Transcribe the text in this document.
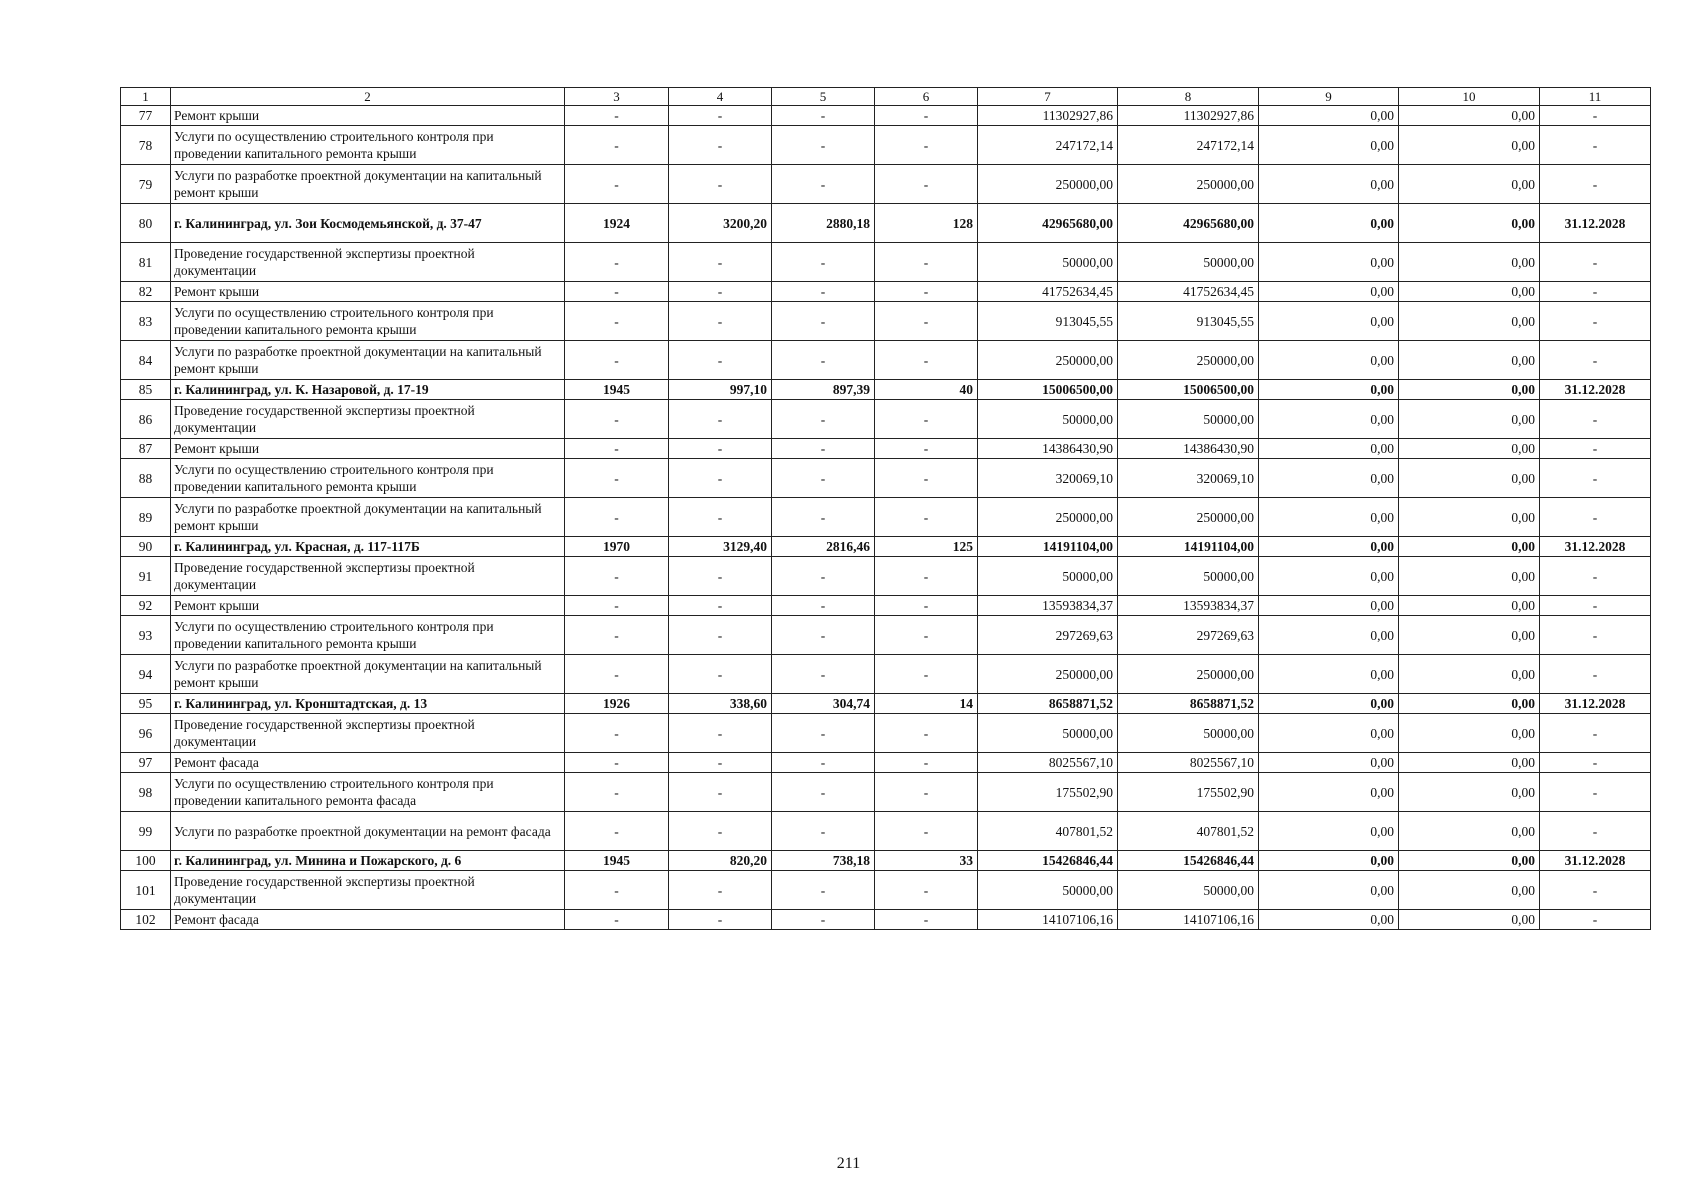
1	2	3	4	5	6	7	8	9	10	11
77	Ремонт крыши	-	-	-	-	11302927,86	11302927,86	0,00	0,00	-
78	Услуги по осуществлению строительного контроля при проведении капитального ремонта крыши	-	-	-	-	247172,14	247172,14	0,00	0,00	-
79	Услуги по разработке проектной документации на капитальный ремонт крыши	-	-	-	-	250000,00	250000,00	0,00	0,00	-
80	г. Калининград, ул. Зои Космодемьянской, д. 37-47	1924	3200,20	2880,18	128	42965680,00	42965680,00	0,00	0,00	31.12.2028
81	Проведение государственной экспертизы проектной документации	-	-	-	-	50000,00	50000,00	0,00	0,00	-
82	Ремонт крыши	-	-	-	-	41752634,45	41752634,45	0,00	0,00	-
83	Услуги по осуществлению строительного контроля при проведении капитального ремонта крыши	-	-	-	-	913045,55	913045,55	0,00	0,00	-
84	Услуги по разработке проектной документации на капитальный ремонт крыши	-	-	-	-	250000,00	250000,00	0,00	0,00	-
85	г. Калининград, ул. К. Назаровой, д. 17-19	1945	997,10	897,39	40	15006500,00	15006500,00	0,00	0,00	31.12.2028
86	Проведение государственной экспертизы проектной документации	-	-	-	-	50000,00	50000,00	0,00	0,00	-
87	Ремонт крыши	-	-	-	-	14386430,90	14386430,90	0,00	0,00	-
88	Услуги по осуществлению строительного контроля при проведении капитального ремонта крыши	-	-	-	-	320069,10	320069,10	0,00	0,00	-
89	Услуги по разработке проектной документации на капитальный ремонт крыши	-	-	-	-	250000,00	250000,00	0,00	0,00	-
90	г. Калининград, ул. Красная, д. 117-117Б	1970	3129,40	2816,46	125	14191104,00	14191104,00	0,00	0,00	31.12.2028
91	Проведение государственной экспертизы проектной документации	-	-	-	-	50000,00	50000,00	0,00	0,00	-
92	Ремонт крыши	-	-	-	-	13593834,37	13593834,37	0,00	0,00	-
93	Услуги по осуществлению строительного контроля при проведении капитального ремонта крыши	-	-	-	-	297269,63	297269,63	0,00	0,00	-
94	Услуги по разработке проектной документации на капитальный ремонт крыши	-	-	-	-	250000,00	250000,00	0,00	0,00	-
95	г. Калининград, ул. Кронштадтская, д. 13	1926	338,60	304,74	14	8658871,52	8658871,52	0,00	0,00	31.12.2028
96	Проведение государственной экспертизы проектной документации	-	-	-	-	50000,00	50000,00	0,00	0,00	-
97	Ремонт фасада	-	-	-	-	8025567,10	8025567,10	0,00	0,00	-
98	Услуги по осуществлению строительного контроля при проведении капитального ремонта фасада	-	-	-	-	175502,90	175502,90	0,00	0,00	-
99	Услуги по разработке проектной документации на ремонт фасада	-	-	-	-	407801,52	407801,52	0,00	0,00	-
100	г. Калининград, ул. Минина и Пожарского, д. 6	1945	820,20	738,18	33	15426846,44	15426846,44	0,00	0,00	31.12.2028
101	Проведение государственной экспертизы проектной документации	-	-	-	-	50000,00	50000,00	0,00	0,00	-
102	Ремонт фасада	-	-	-	-	14107106,16	14107106,16	0,00	0,00	-
211
